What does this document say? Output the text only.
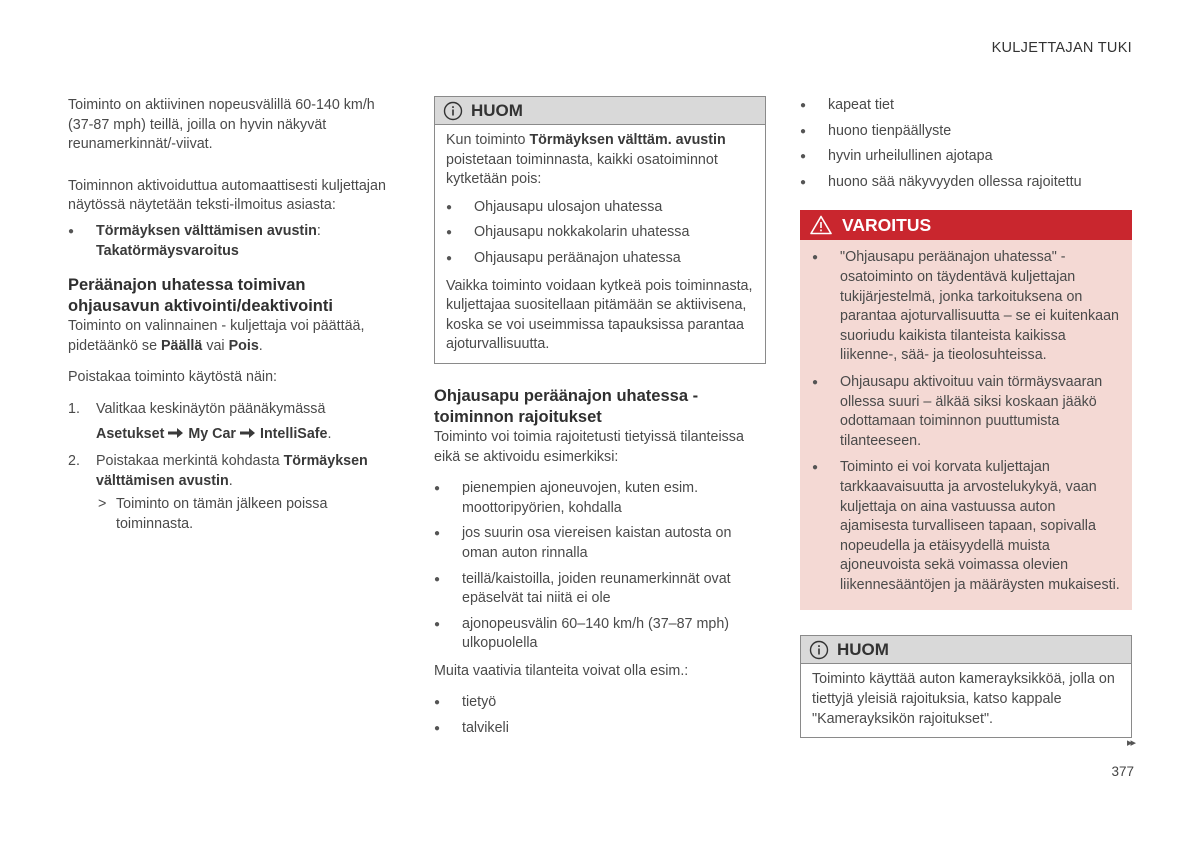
KULJETTAJAN TUKI

Toiminto on aktiivinen nopeusvälillä 60-140 km/h (37-87 mph) teillä, joilla on hyvin näkyvät reunamerkinnät/-viivat.

Toiminnon aktivoiduttua automaattisesti kuljettajan näytössä näytetään teksti-ilmoitus asiasta:

● Törmäyksen välttämisen avustin: Takatörmäysvaroitus
Peräänajon uhatessa toimivan ohjausavun aktivointi/deaktivointi

Toiminto on valinnainen - kuljettaja voi päättää, pidetäänkö se Päällä vai Pois.

Poistakaa toiminto käytöstä näin:

1. Valitkaa keskinäytön päänäkymässä
Asetukset My Car IntelliSafe.
2. Poistakaa merkintä kohdasta Törmäyksen välttämisen avustin.
> Toiminto on tämän jälkeen poissa toiminnasta.
HUOM

Kun toiminto Törmäyksen välttäm. avustin poistetaan toiminnasta, kaikki osatoiminnot kytketään pois:

● Ohjausapu ulosajon uhatessa
● Ohjausapu nokkakolarin uhatessa
● Ohjausapu peräänajon uhatessa

Vaikka toiminto voidaan kytkeä pois toiminnasta, kuljettajaa suositellaan pitämään se aktiivisena, koska se voi useimmissa tapauksissa parantaa ajoturvallisuutta.

Ohjausapu peräänajon uhatessa - toiminnon rajoitukset

Toiminto voi toimia rajoitetusti tietyissä tilanteissa eikä se aktivoidu esimerkiksi:

● pienempien ajoneuvojen, kuten esim. moottoripyörien, kohdalla
● jos suurin osa viereisen kaistan autosta on oman auton rinnalla
● teillä/kaistoilla, joiden reunamerkinnät ovat epäselvät tai niitä ei ole
● ajonopeusvälin 60–140 km/h (37–87 mph) ulkopuolella

Muita vaativia tilanteita voivat olla esim.:

● tietyö
● talvikeli
● kapeat tiet
● huono tienpäällyste
● hyvin urheilullinen ajotapa
● huono sää näkyvyyden ollessa rajoitettu
VAROITUS
● "Ohjausapu peräänajon uhatessa" -osatoiminto on täydentävä kuljettajan tukijärjestelmä, jonka tarkoituksena on parantaa ajoturvallisuutta – se ei kuitenkaan suoriudu kaikista tilanteista kaikissa liikenne-, sää- ja tieolosuhteissa.
● Ohjausapu aktivoituu vain törmäysvaaran ollessa suuri – älkää siksi koskaan jääkö odottamaan toiminnon puuttumista tilanteeseen.
● Toiminto ei voi korvata kuljettajan tarkkaavaisuutta ja arvostelukykyä, vaan kuljettaja on aina vastuussa auton ajamisesta turvalliseen tapaan, sopivalla nopeudella ja etäisyydellä muista ajoneuvoista sekä voimassa olevien liikennesääntöjen ja määräysten mukaisesti.
HUOM

Toiminto käyttää auton kamerayksikköä, jolla on tiettyjä yleisiä rajoituksia, katso kappale "Kamerayksikön rajoitukset".

▸▸
377
